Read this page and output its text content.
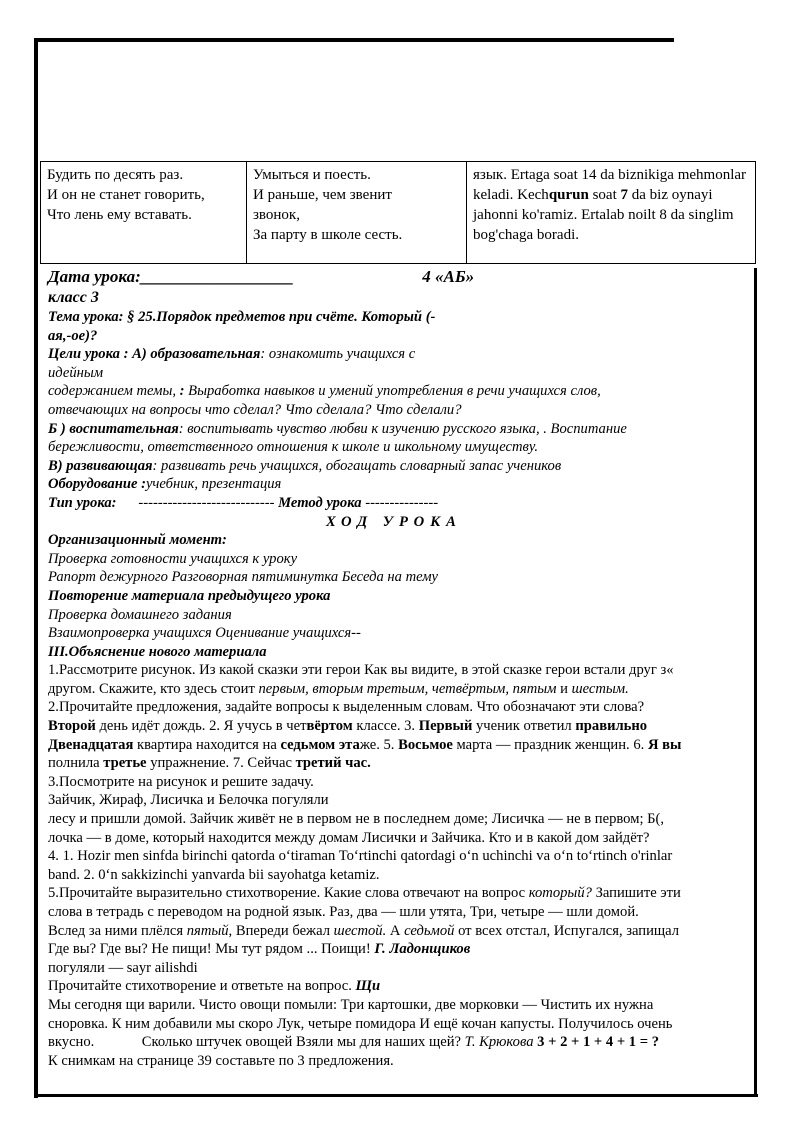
Будить по десять раз.
И он не станет говорить,
Что лень ему вставать.

Умыться и поесть.
И раньше, чем звенит
звонок,
За парту в школе сесть.

язык. Ertaga soat 14 da biznikiga mehmonlar
keladi. Kechqurun soat 7 da biz oynayi
jahonni ko'ramiz. Ertalab noilt 8 da singlim
bog'chaga boradi.
Дата урока:__________________	4 «АБ»
класс 3
Тема урока: § 25.Порядок предметов при счёте. Который (-
ая,-ое)?
Цели урока : А) образовательная: ознакомить учащихся с
идейным
содержанием темы, : Выработка навыков и умений употребления в речи учащихся слов,
отвечающих на вопросы что сделал? Что сделала? Что сделали?
Б ) воспитательная: воспитывать чувство любви к изучению русского языка, . Воспитание
бережливости, ответственного отношения к школе и школьному имуществу.
В) развивающая: развивать речь учащихся, обогащать словарный запас учеников
Оборудование :учебник, презентация
Тип урока:      ---------------------------- Метод урока ---------------
ХОД УРОКА
Организационный момент:
Проверка готовности учащихся к уроку
Рапорт дежурного Разговорная пятиминутка Беседа на тему
Повторение материала предыдущего урока
Проверка домашнего задания
Взаимопроверка учащихся Оценивание учащихся--
III.Объяснение нового материала
1.Рассмотрите рисунок. Из какой сказки эти герои Как вы видите, в этой сказке герои встали друг з«
другом. Скажите, кто здесь стоит первым, вторым третьим, четвёртым, пятым и шестым.
2.Прочитайте предложения, задайте вопросы к выделенным словам. Что обозначают эти слова?
Второй день идёт дождь. 2. Я учусь в четвёртом классе. 3. Первый ученик ответил правильно
Двенадцатая квартира находится на седьмом этаже. 5. Восьмое марта — праздник женщин. 6. Я вы
полнила третье упражнение. 7. Сейчас третий час.
3.Посмотрите на рисунок и решите задачу.
Зайчик, Жираф, Лисичка и Белочка погуляли
лесу и пришли домой. Зайчик живёт не в первом не в последнем доме; Лисичка — не в первом; Б(,
лочка — в доме, который находится между домам Лисички и Зайчика. Кто и в какой дом зайдёт?
4. 1. Hozir men sinfda birinchi qatorda o‘tiraman To‘rtinchi qatordagi o‘n uchinchi va o‘n to‘rtinch o'rinlar
band. 2. 0‘n sakkizinchi yanvarda bii sayohatga ketamiz.
5.Прочитайте выразительно стихотворение. Какие слова отвечают на вопрос который? Запишите эти
слова в тетрадь с переводом на родной язык. Раз, два — шли утята, Три, четыре — шли домой.
Вслед за ними плёлся пятый, Впереди бежал шестой. А седьмой от всех отстал, Испугался, запищал
Где вы? Где вы? Не пищи! Мы тут рядом ... Поищи! Г. Ладонщиков
погуляли — sayr ailishdi
Прочитайте стихотворение и ответьте на вопрос. Щи
Мы сегодня щи варили. Чисто овощи помыли: Три картошки, две морковки — Чистить их нужна
сноровка. К ним добавили мы скоро Лук, четыре помидора И ещё кочан капусты. Получилось очень
вкусно.             Сколько штучек овощей Взяли мы для наших щей? Т. Крюкова 3 + 2 + 1 + 4 + 1 = ?
К снимкам на странице 39 составьте по 3 предложения.
